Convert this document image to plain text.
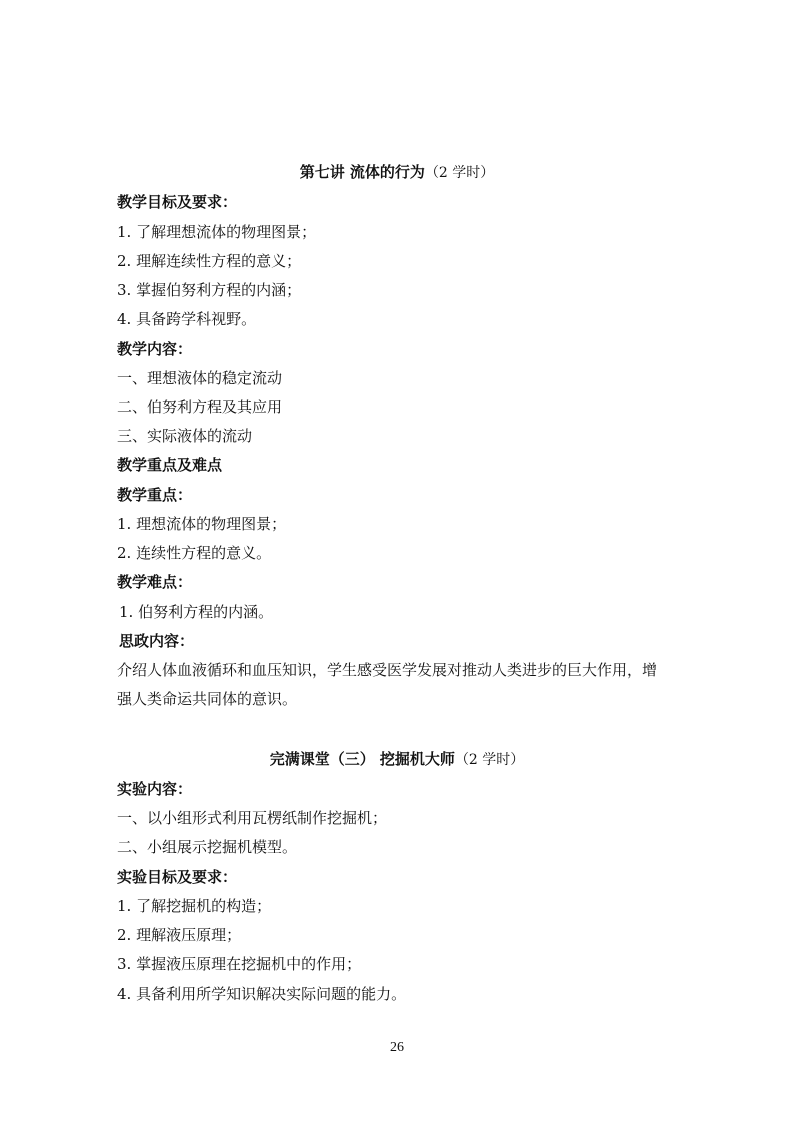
第七讲 流体的行为（2 学时）
教学目标及要求：
1. 了解理想流体的物理图景；
2. 理解连续性方程的意义；
3. 掌握伯努利方程的内涵；
4. 具备跨学科视野。
教学内容：
一、理想液体的稳定流动
二、伯努利方程及其应用
三、实际液体的流动
教学重点及难点
教学重点：
1. 理想流体的物理图景；
2. 连续性方程的意义。
教学难点：
1. 伯努利方程的内涵。
思政内容：
介绍人体血液循环和血压知识，学生感受医学发展对推动人类进步的巨大作用，增
强人类命运共同体的意识。
完满课堂（三） 挖掘机大师（2 学时）
实验内容：
一、以小组形式利用瓦楞纸制作挖掘机；
二、小组展示挖掘机模型。
实验目标及要求：
1. 了解挖掘机的构造；
2. 理解液压原理；
3. 掌握液压原理在挖掘机中的作用；
4. 具备利用所学知识解决实际问题的能力。
26
